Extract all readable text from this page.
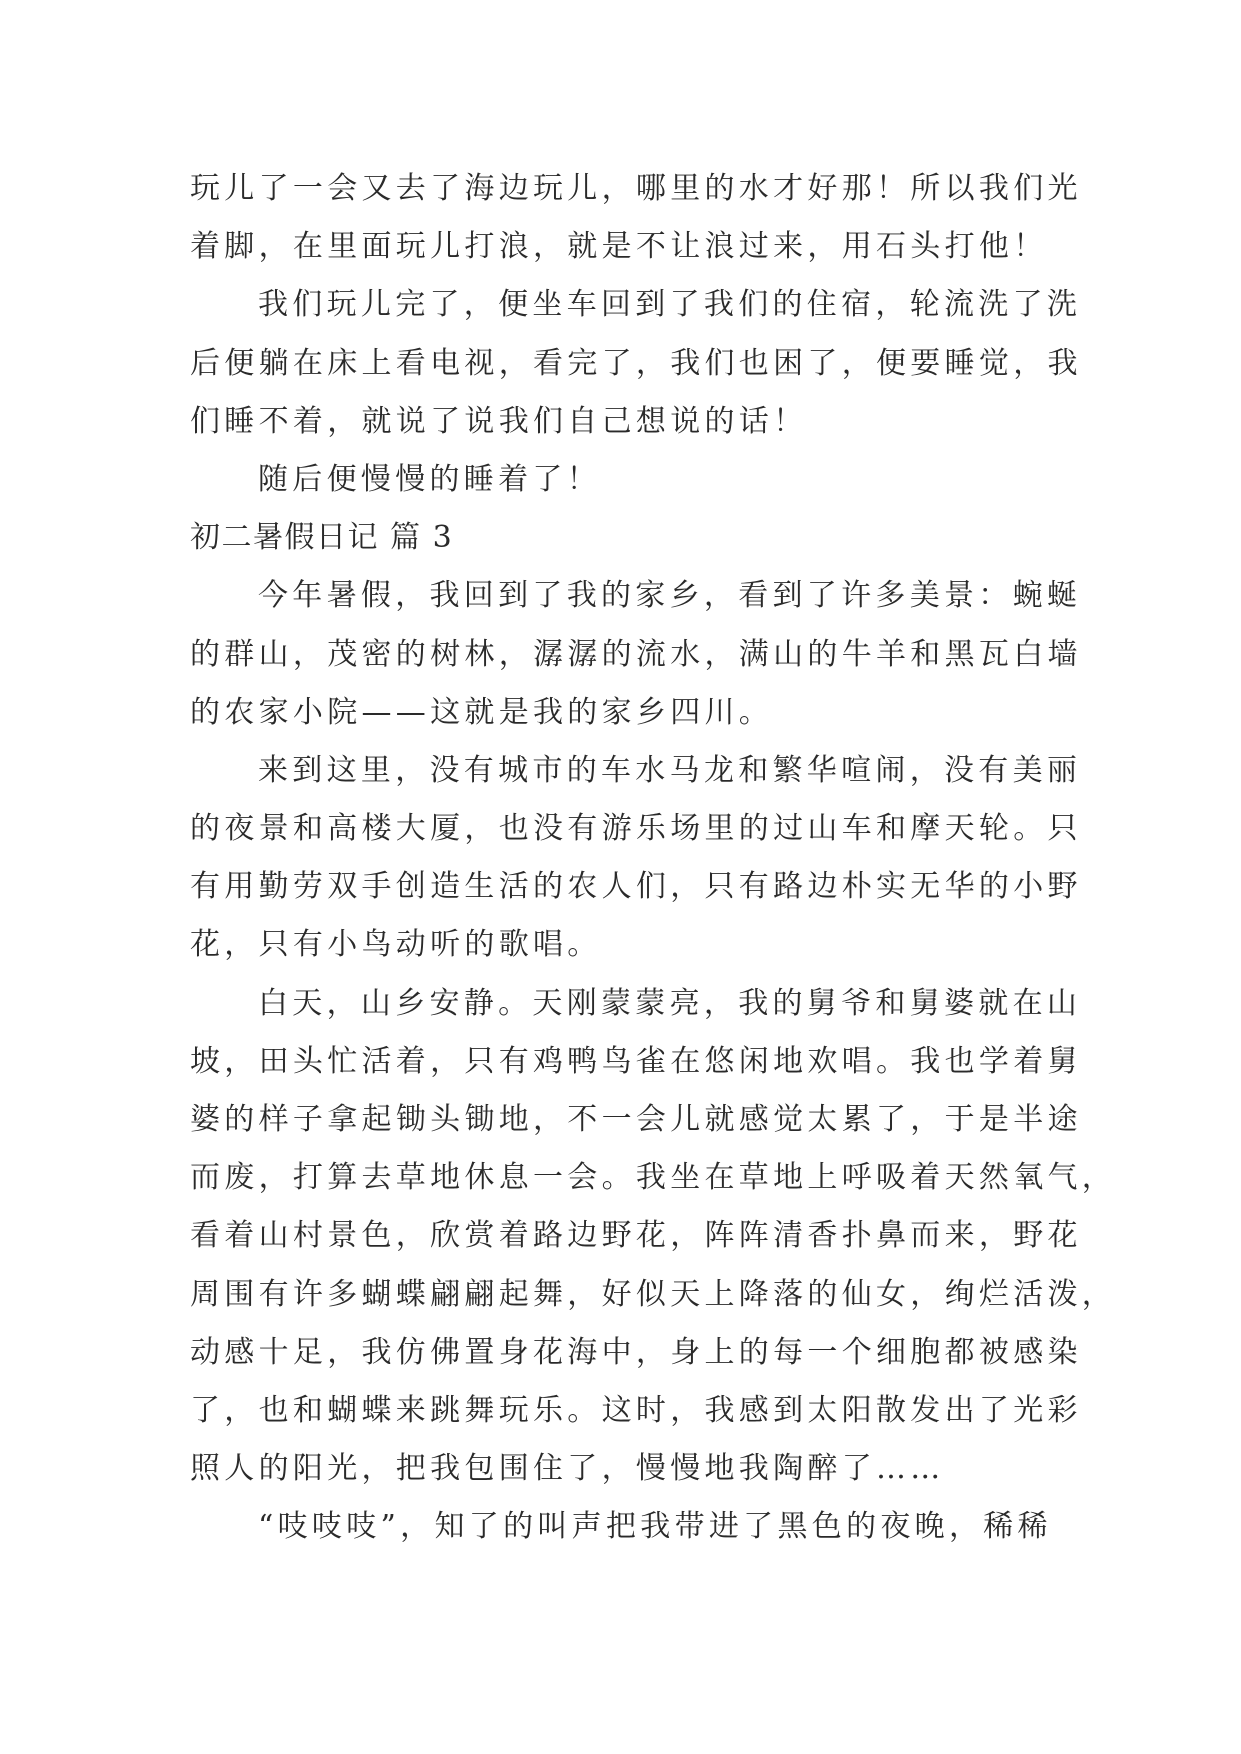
玩儿了一会又去了海边玩儿，哪里的水才好那！所以我们光
着脚，在里面玩儿打浪，就是不让浪过来，用石头打他！
我们玩儿完了，便坐车回到了我们的住宿，轮流洗了洗
后便躺在床上看电视，看完了，我们也困了，便要睡觉，我
们睡不着，就说了说我们自己想说的话！
随后便慢慢的睡着了！
初二暑假日记 篇 3
今年暑假，我回到了我的家乡，看到了许多美景：蜿蜒
的群山，茂密的树林，潺潺的流水，满山的牛羊和黑瓦白墙
的农家小院——这就是我的家乡四川。
来到这里，没有城市的车水马龙和繁华喧闹，没有美丽
的夜景和高楼大厦，也没有游乐场里的过山车和摩天轮。只
有用勤劳双手创造生活的农人们，只有路边朴实无华的小野
花，只有小鸟动听的歌唱。
白天，山乡安静。天刚蒙蒙亮，我的舅爷和舅婆就在山
坡，田头忙活着，只有鸡鸭鸟雀在悠闲地欢唱。我也学着舅
婆的样子拿起锄头锄地，不一会儿就感觉太累了，于是半途
而废，打算去草地休息一会。我坐在草地上呼吸着天然氧气，
看着山村景色，欣赏着路边野花，阵阵清香扑鼻而来，野花
周围有许多蝴蝶翩翩起舞，好似天上降落的仙女，绚烂活泼，
动感十足，我仿佛置身花海中，身上的每一个细胞都被感染
了，也和蝴蝶来跳舞玩乐。这时，我感到太阳散发出了光彩
照人的阳光，把我包围住了，慢慢地我陶醉了……
“吱吱吱”，知了的叫声把我带进了黑色的夜晚，稀稀
